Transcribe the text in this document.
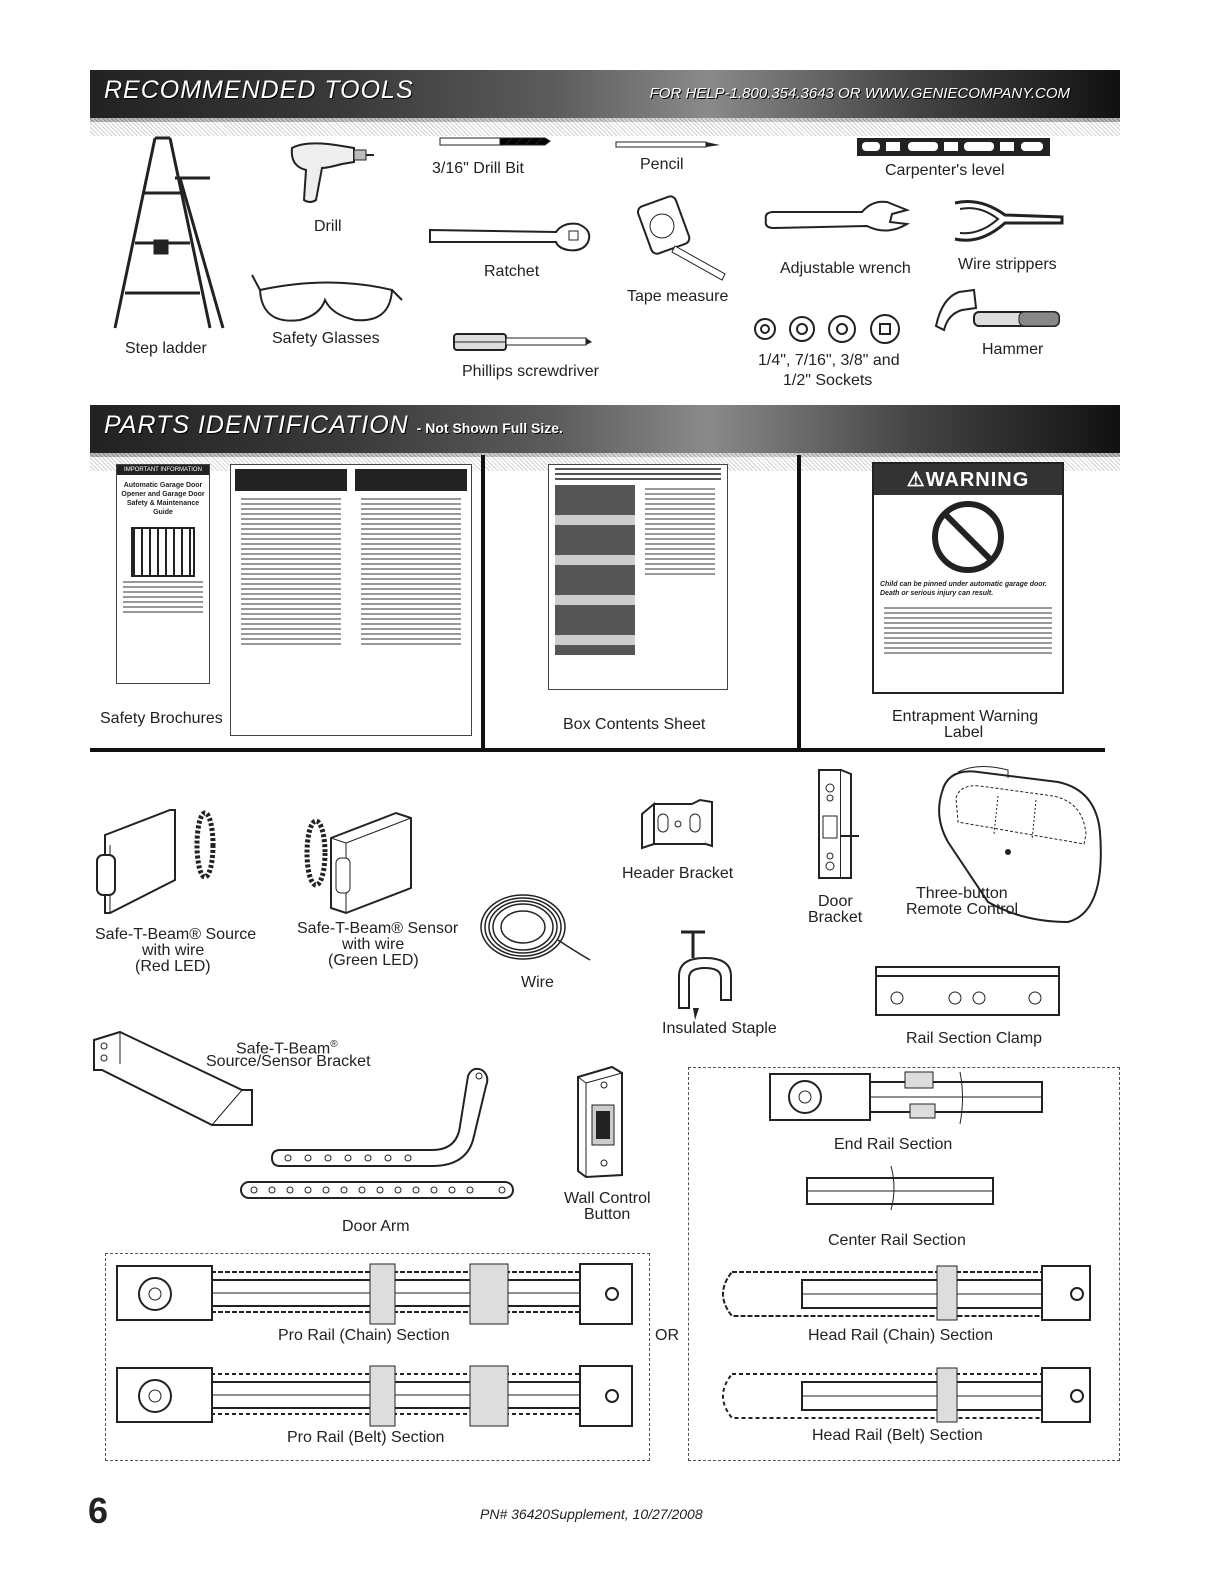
RECOMMENDED TOOLS	FOR HELP-1.800.354.3643 OR WWW.GENIECOMPANY.COM
Step ladder
Drill
Safety Glasses
3/16" Drill Bit
Ratchet
Phillips screwdriver
Pencil
Tape measure
Carpenter's level
Adjustable wrench	Wire strippers
1/4", 7/16", 3/8" and
1/2" Sockets
Hammer
PARTS IDENTIFICATION - Not Shown Full Size.
IMPORTANT INFORMATION
Automatic Garage Door Opener and Garage Door Safety & Maintenance Guide
Safety Brochures	Box Contents Sheet
⚠WARNING
Child can be pinned under automatic garage door. Death or serious injury can result.
Entrapment Warning
Label
Safe-T-Beam® Source
with wire
(Red LED)
Safe-T-Beam® Sensor
with wire
(Green LED)
Header Bracket
Wire
Door
Bracket
Three-button
Remote Control
Insulated Staple
Rail Section Clamp
Safe-T-Beam®
Source/Sensor Bracket
Door Arm
Wall Control
Button
End Rail Section
Center Rail Section
Head Rail (Chain) Section
Head Rail (Belt) Section
Pro Rail (Chain) Section	OR
Pro Rail (Belt) Section
6	PN# 36420Supplement, 10/27/2008
